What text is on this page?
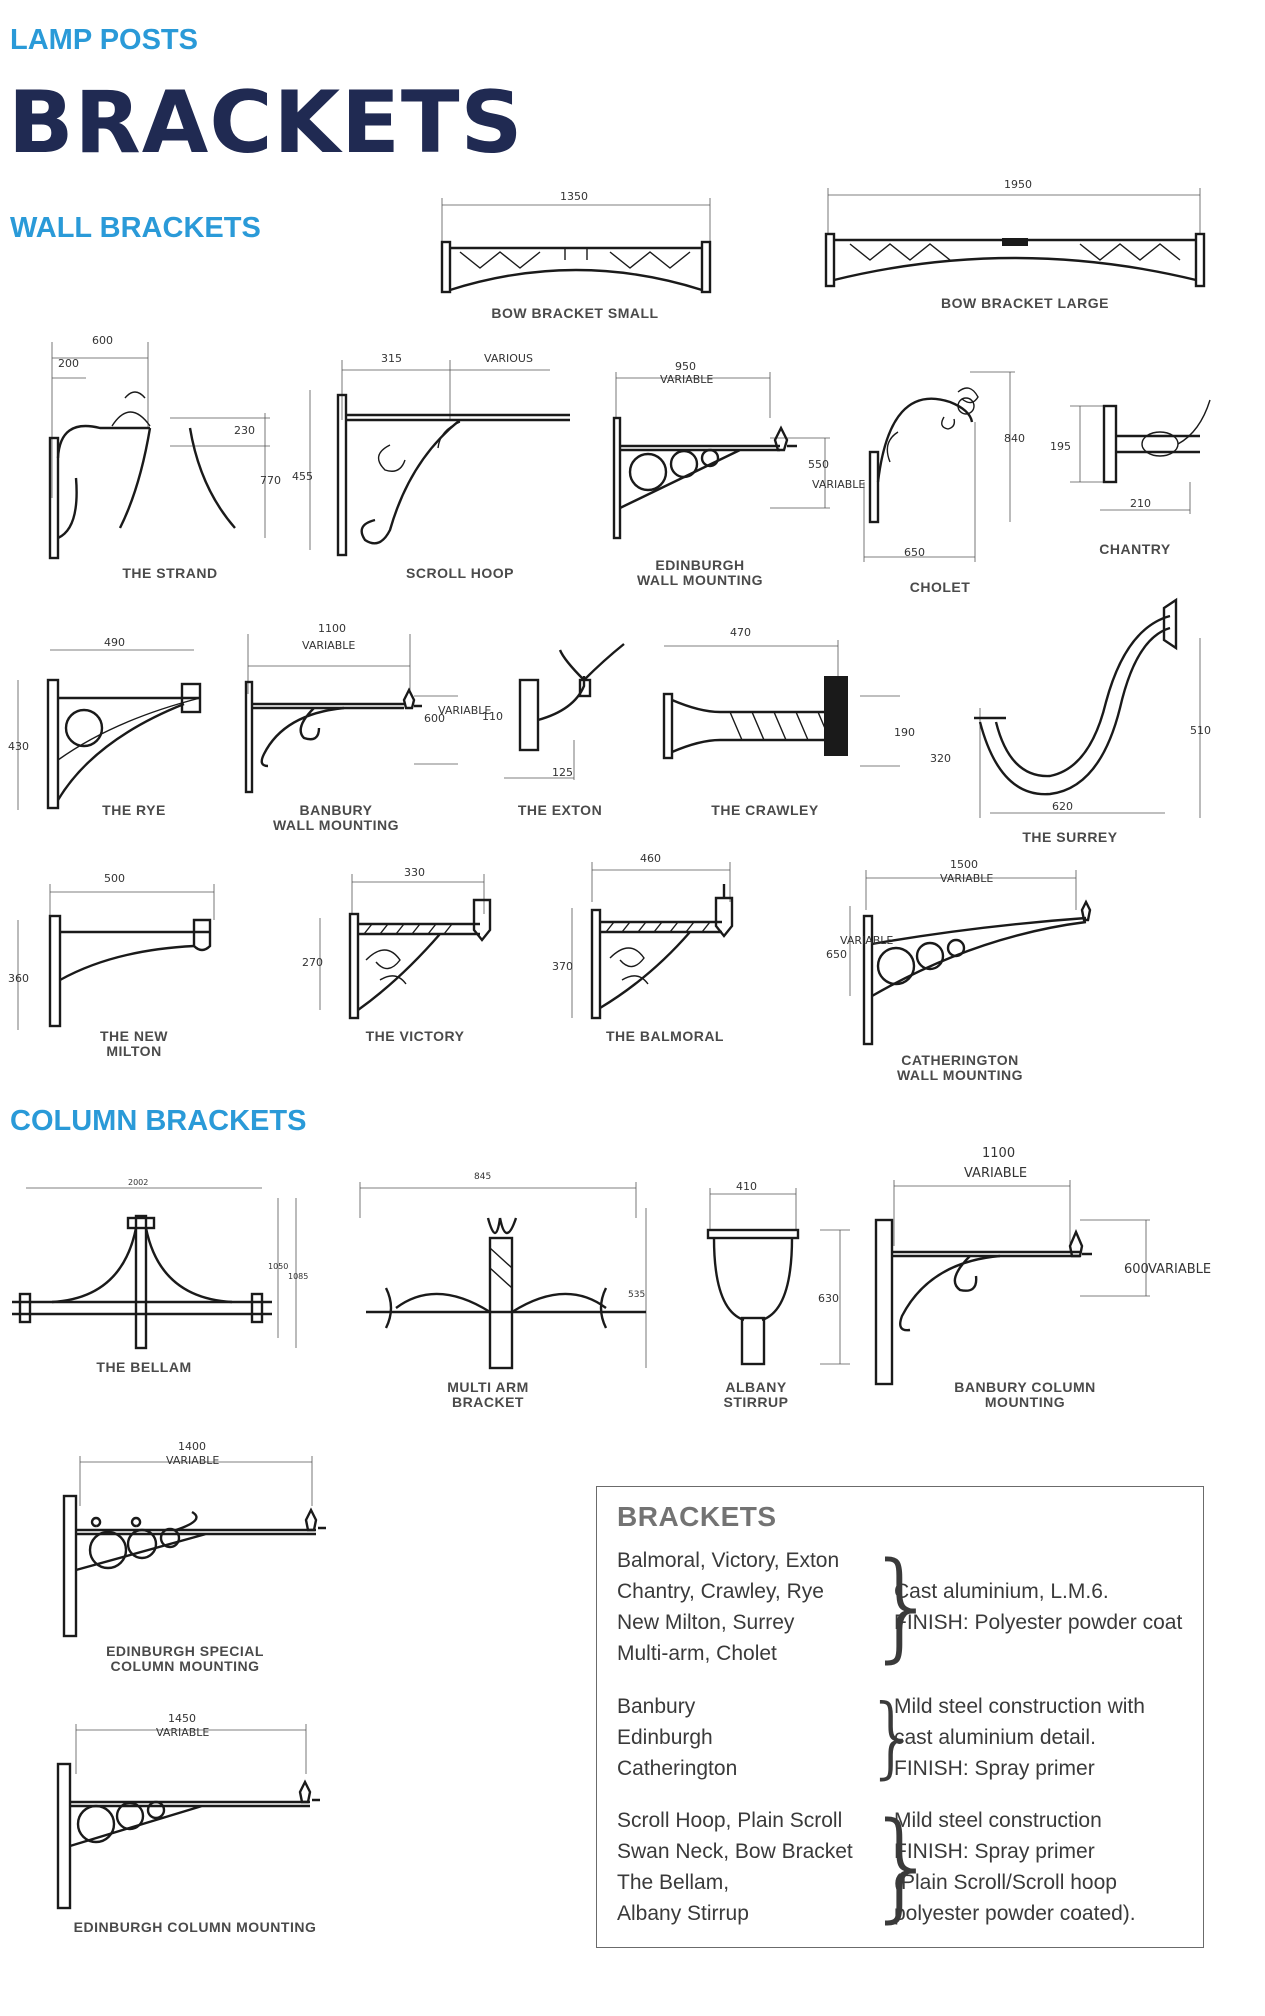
LAMP POSTS
BRACKETS
WALL BRACKETS
COLUMN BRACKETS
1350
BOW BRACKET SMALL
1950
BOW BRACKET LARGE
600
200
230
770
THE STRAND
315	VARIOUS
455
SCROLL HOOP
950
VARIABLE
550
VARIABLE
EDINBURGH
WALL MOUNTING
840
650
CHOLET
195
210
CHANTRY
490
430
THE RYE
1100
VARIABLE
600
VARIABLE
BANBURY
WALL MOUNTING
110
125
THE EXTON
470
190
THE CRAWLEY
320
510
620
THE SURREY
500
360
THE NEW
MILTON
330
270
THE VICTORY
460
370
THE BALMORAL
1500
VARIABLE
650
VARIABLE
CATHERINGTON
WALL MOUNTING
2002
1050
1085
THE BELLAM
845
535
MULTI ARM
BRACKET
410
630
ALBANY
STIRRUP
1100
VARIABLE
600 VARIABLE
BANBURY COLUMN
MOUNTING
1400
VARIABLE
EDINBURGH SPECIAL
COLUMN MOUNTING
1450
VARIABLE
EDINBURGH COLUMN MOUNTING
BRACKETS
Balmoral, Victory, Exton
Chantry, Crawley, Rye
New Milton, Surrey
Multi-arm, Cholet }
Cast aluminium, L.M.6.
FINISH: Polyester powder coat
Banbury
Edinburgh
Catherington }
Mild steel construction with
cast aluminium detail.
FINISH: Spray primer
Scroll Hoop, Plain Scroll
Swan Neck, Bow Bracket
The Bellam,
Albany Stirrup }
Mild steel construction
FINISH: Spray primer
(Plain Scroll/Scroll hoop
polyester powder coated).
